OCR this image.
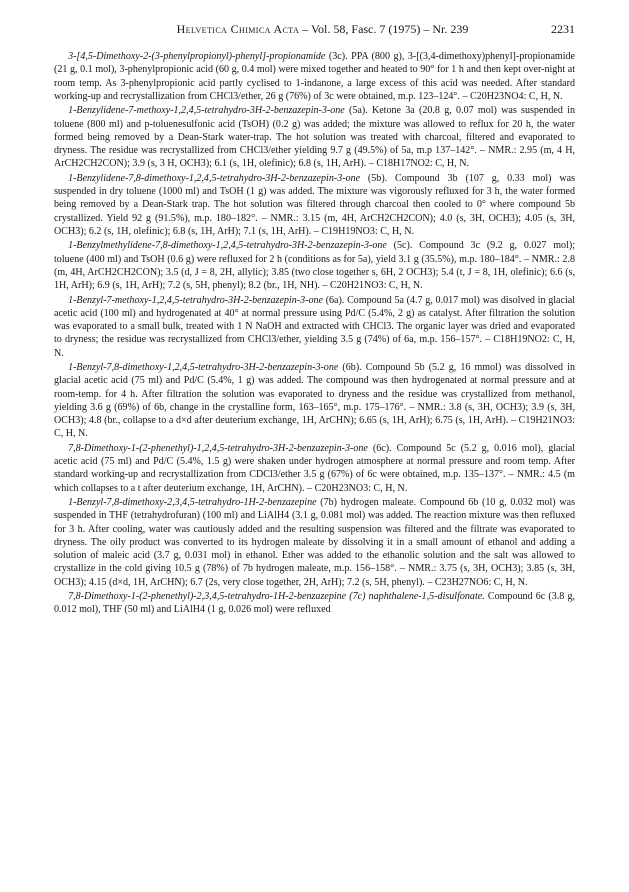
Helvetica Chimica Acta – Vol. 58, Fasc. 7 (1975) – Nr. 239	2231

3-[4,5-Dimethoxy-2-(3-phenylpropionyl)-phenyl]-propionamide (3c). PPA (800 g), 3-[(3,4-dimethoxy)phenyl]-propionamide (21 g, 0.1 mol), 3-phenylpropionic acid (60 g, 0.4 mol) were mixed together and heated to 90° for 1 h and then kept over-night at room temp. As 3-phenylpropionic acid partly cyclised to 1-indanone, a large excess of this acid was needed. After standard working-up and recrystallization from CHCl3/ether, 26 g (76%) of 3c were obtained, m.p. 123–124°. – C20H23NO4: C, H, N.

1-Benzylidene-7-methoxy-1,2,4,5-tetrahydro-3H-2-benzazepin-3-one (5a). Ketone 3a (20.8 g, 0.07 mol) was suspended in toluene (800 ml) and p-toluenesulfonic acid (TsOH) (0.2 g) was added; the mixture was allowed to reflux for 20 h, the water formed being removed by a Dean-Stark water-trap. The hot solution was treated with charcoal, filtered and evaporated to dryness. The residue was recrystallized from CHCl3/ether yielding 9.7 g (49.5%) of 5a, m.p 137–142°. – NMR.: 2.95 (m, 4 H, ArCH2CH2CON); 3.9 (s, 3 H, OCH3); 6.1 (s, 1H, olefinic); 6.8 (s, 1H, ArH). – C18H17NO2: C, H, N.

1-Benzylidene-7,8-dimethoxy-1,2,4,5-tetrahydro-3H-2-benzazepin-3-one (5b). Compound 3b (107 g, 0.33 mol) was suspended in dry toluene (1000 ml) and TsOH (1 g) was added. The mixture was vigorously refluxed for 3 h, the water formed being removed by a Dean-Stark trap. The hot solution was filtered through charcoal then cooled to 0° where compound 5b crystallized. Yield 92 g (91.5%), m.p. 180–182°. – NMR.: 3.15 (m, 4H, ArCH2CH2CON); 4.0 (s, 3H, OCH3); 4.05 (s, 3H, OCH3); 6.2 (s, 1H, olefinic); 6.8 (s, 1H, ArH); 7.1 (s, 1H, ArH). – C19H19NO3: C, H, N.

1-Benzylmethylidene-7,8-dimethoxy-1,2,4,5-tetrahydro-3H-2-benzazepin-3-one (5c). Compound 3c (9.2 g, 0.027 mol); toluene (400 ml) and TsOH (0.6 g) were refluxed for 2 h (conditions as for 5a), yield 3.1 g (35.5%), m.p. 180–184°. – NMR.: 2.8 (m, 4H, ArCH2CH2CON); 3.5 (d, J = 8, 2H, allylic); 3.85 (two close together s, 6H, 2 OCH3); 5.4 (t, J = 8, 1H, olefinic); 6.6 (s, 1H, ArH); 6.9 (s, 1H, ArH); 7.2 (s, 5H, phenyl); 8.2 (br., 1H, NH). – C20H21NO3: C, H, N.

1-Benzyl-7-methoxy-1,2,4,5-tetrahydro-3H-2-benzazepin-3-one (6a). Compound 5a (4.7 g, 0.017 mol) was disolved in glacial acetic acid (100 ml) and hydrogenated at 40° at normal pressure using Pd/C (5.4%, 2 g) as catalyst. After filtration the solution was evaporated to a small bulk, treated with 1 N NaOH and extracted with CHCl3. The organic layer was dried and evaporated to dryness; the residue was recrystallized from CHCl3/ether, yielding 3.5 g (74%) of 6a, m.p. 156–157°. – C18H19NO2: C, H, N.

1-Benzyl-7,8-dimethoxy-1,2,4,5-tetrahydro-3H-2-benzazepin-3-one (6b). Compound 5b (5.2 g, 16 mmol) was dissolved in glacial acetic acid (75 ml) and Pd/C (5.4%, 1 g) was added. The compound was then hydrogenated at normal pressure and at room-temp. for 4 h. After filtration the solution was evaporated to dryness and the residue was crystallized from methanol, yielding 3.6 g (69%) of 6b, change in the crystalline form, 163–165°, m.p. 175–176°. – NMR.: 3.8 (s, 3H, OCH3); 3.9 (s, 3H, OCH3); 4.8 (br., collapse to a d×d after deuterium exchange, 1H, ArCHN); 6.65 (s, 1H, ArH); 6.75 (s, 1H, ArH). – C19H21NO3: C, H, N.

7,8-Dimethoxy-1-(2-phenethyl)-1,2,4,5-tetrahydro-3H-2-benzazepin-3-one (6c). Compound 5c (5.2 g, 0.016 mol), glacial acetic acid (75 ml) and Pd/C (5.4%, 1.5 g) were shaken under hydrogen atmosphere at normal pressure and room temp. After standard working-up and recrystallization from CDCl3/ether 3.5 g (67%) of 6c were obtained, m.p. 135–137°. – NMR.: 4.5 (m which collapses to a t after deuterium exchange, 1H, ArCHN). – C20H23NO3: C, H, N.

1-Benzyl-7,8-dimethoxy-2,3,4,5-tetrahydro-1H-2-benzazepine (7b) hydrogen maleate. Compound 6b (10 g, 0.032 mol) was suspended in THF (tetrahydrofuran) (100 ml) and LiAlH4 (3.1 g, 0.081 mol) was added. The reaction mixture was then refluxed for 3 h. After cooling, water was cautiously added and the resulting suspension was filtered and the filtrate was evaporated to dryness. The oily product was converted to its hydrogen maleate by dissolving it in a small amount of ethanol and adding a solution of maleic acid (3.7 g, 0.031 mol) in ethanol. Ether was added to the ethanolic solution and the salt was allowed to crystallize in the cold giving 10.5 g (78%) of 7b hydrogen maleate, m.p. 156–158°. – NMR.: 3.75 (s, 3H, OCH3); 3.85 (s, 3H, OCH3); 4.15 (d×d, 1H, ArCHN); 6.7 (2s, very close together, 2H, ArH); 7.2 (s, 5H, phenyl). – C23H27NO6: C, H, N.

7,8-Dimethoxy-1-(2-phenethyl)-2,3,4,5-tetrahydro-1H-2-benzazepine (7c) naphthalene-1,5-disulfonate. Compound 6c (3.8 g, 0.012 mol), THF (50 ml) and LiAlH4 (1 g, 0.026 mol) were refluxed
